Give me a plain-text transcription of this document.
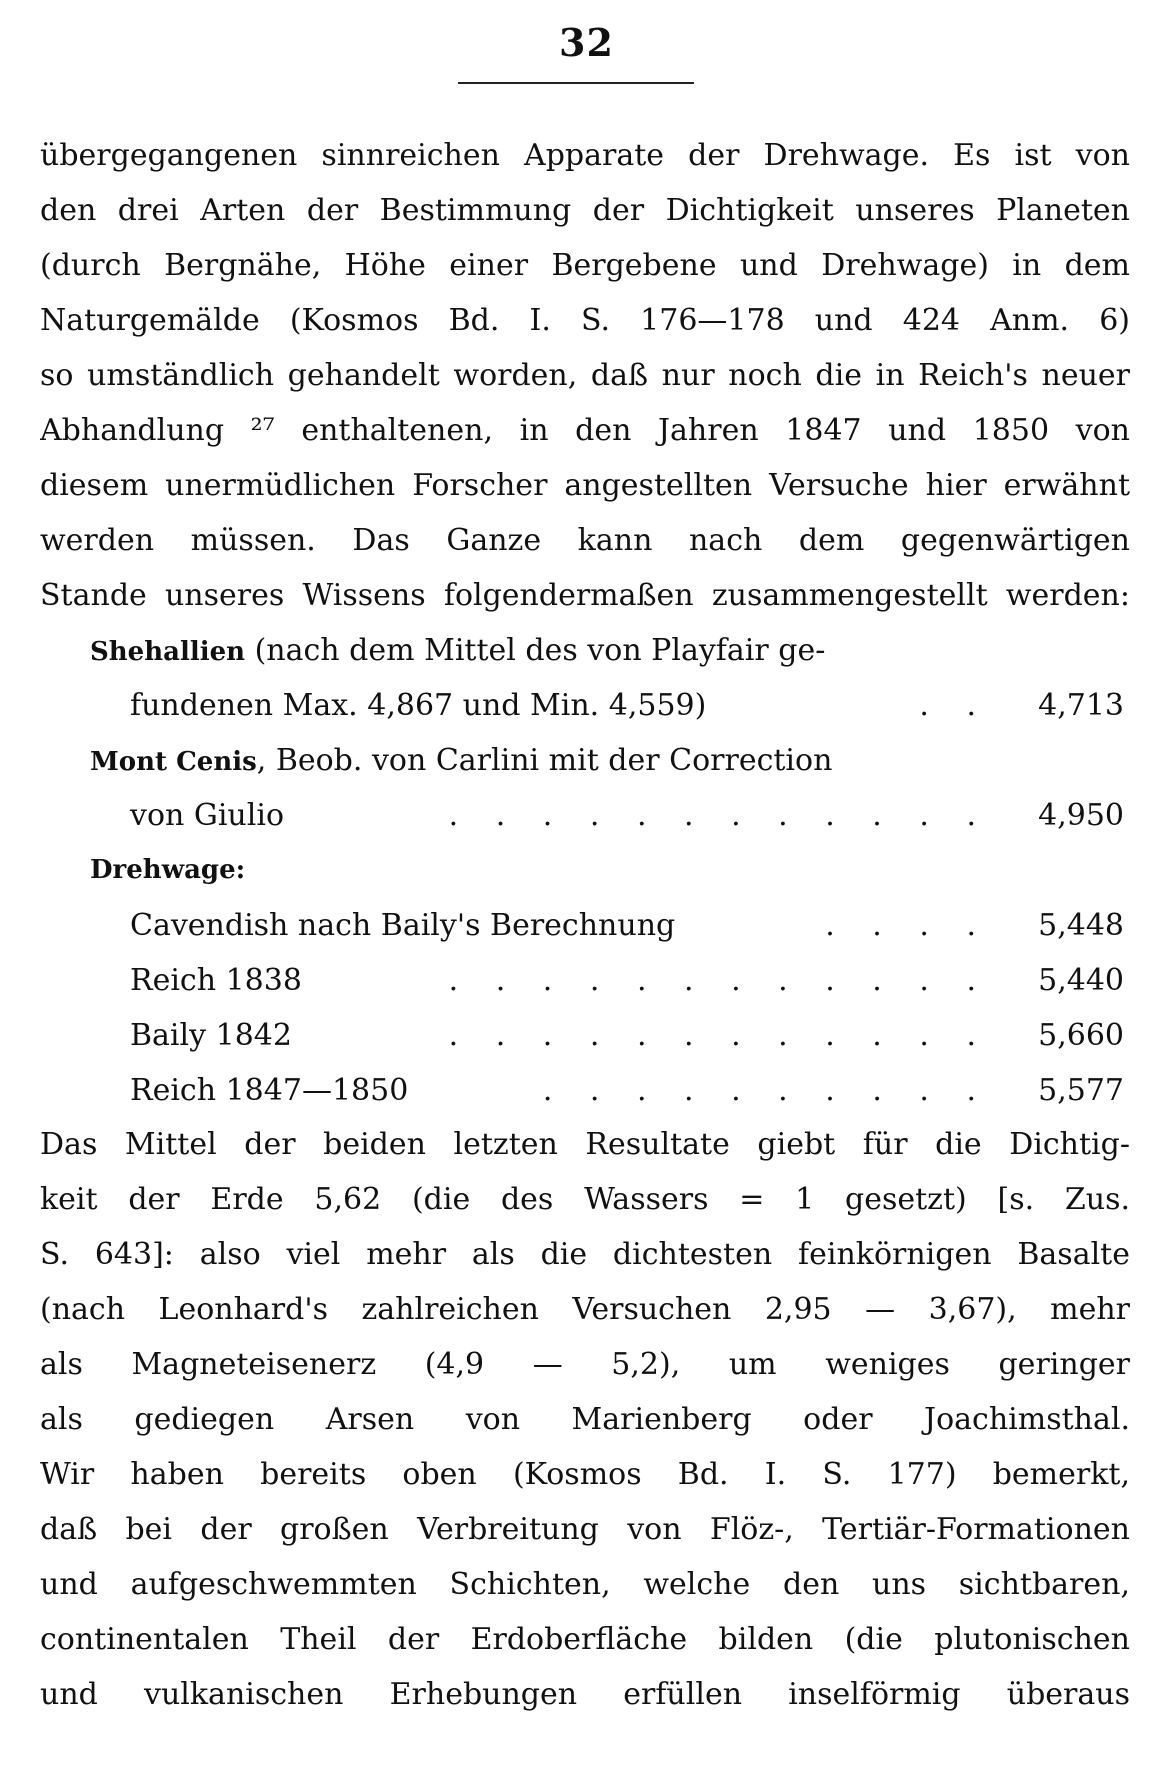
32
übergegangenen sinnreichen Apparate der Drehwage. Es ist von
den drei Arten der Bestimmung der Dichtigkeit unseres Planeten
(durch Bergnähe, Höhe einer Bergebene und Drehwage) in dem
Naturgemälde (Kosmos Bd. I. S. 176—178 und 424 Anm. 6)
so umständlich gehandelt worden, daß nur noch die in Reich's neuer
Abhandlung ²⁷ enthaltenen, in den Jahren 1847 und 1850 von
diesem unermüdlichen Forscher angestellten Versuche hier erwähnt
werden müssen. Das Ganze kann nach dem gegenwärtigen
Stande unseres Wissens folgendermaßen zusammengestellt werden:
Shehallien (nach dem Mittel des von Playfair ge-
fundenen Max. 4,867 und Min. 4,559)	. . 4,713
Mont Cenis, Beob. von Carlini mit der Correction
von Giulio	. . . . . . . . . . . . 4,950
Drehwage:
Cavendish nach Baily's Berechnung	. . . . 5,448
Reich 1838	. . . . . . . . . . . . 5,440
Baily 1842	. . . . . . . . . . . . 5,660
Reich 1847—1850	. . . . . . . . . . 5,577
Das Mittel der beiden letzten Resultate giebt für die Dichtig-
keit der Erde 5,62 (die des Wassers = 1 gesetzt) [s. Zus.
S. 643]: also viel mehr als die dichtesten feinkörnigen Basalte
(nach Leonhard's zahlreichen Versuchen 2,95 — 3,67), mehr
als Magneteisenerz (4,9 — 5,2), um weniges geringer
als gediegen Arsen von Marienberg oder Joachimsthal.
Wir haben bereits oben (Kosmos Bd. I. S. 177) bemerkt,
daß bei der großen Verbreitung von Flöz-, Tertiär-Formationen
und aufgeschwemmten Schichten, welche den uns sichtbaren,
continentalen Theil der Erdoberfläche bilden (die plutonischen
und vulkanischen Erhebungen erfüllen inselförmig überaus
